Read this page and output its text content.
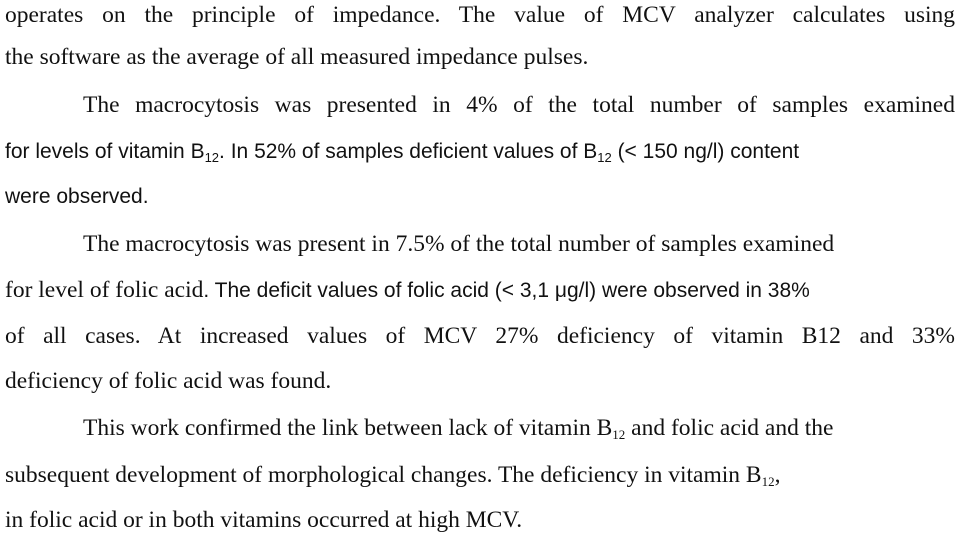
operates on the principle of impedance. The value of MCV analyzer calculates using
the software as the average of all measured impedance pulses.
The macrocytosis was presented in 4% of the total number of samples examined
for levels of vitamin $B_{12}$. In 52% of samples deficient values of $B_{12}$ (< 150 ng/l) content
were observed.
The macrocytosis was present in 7.5% of the total number of samples examined
for level of folic acid. The deficit values of folic acid (< 3,1 μg/l) were observed in 38%
of all cases. At increased values of MCV 27% deficiency of vitamin B12 and 33%
deficiency of folic acid was found.
This work confirmed the link between lack of vitamin $B_{12}$ and folic acid and the
subsequent development of morphological changes. The deficiency in vitamin $B_{12}$,
in folic acid or in both vitamins occurred at high MCV.
